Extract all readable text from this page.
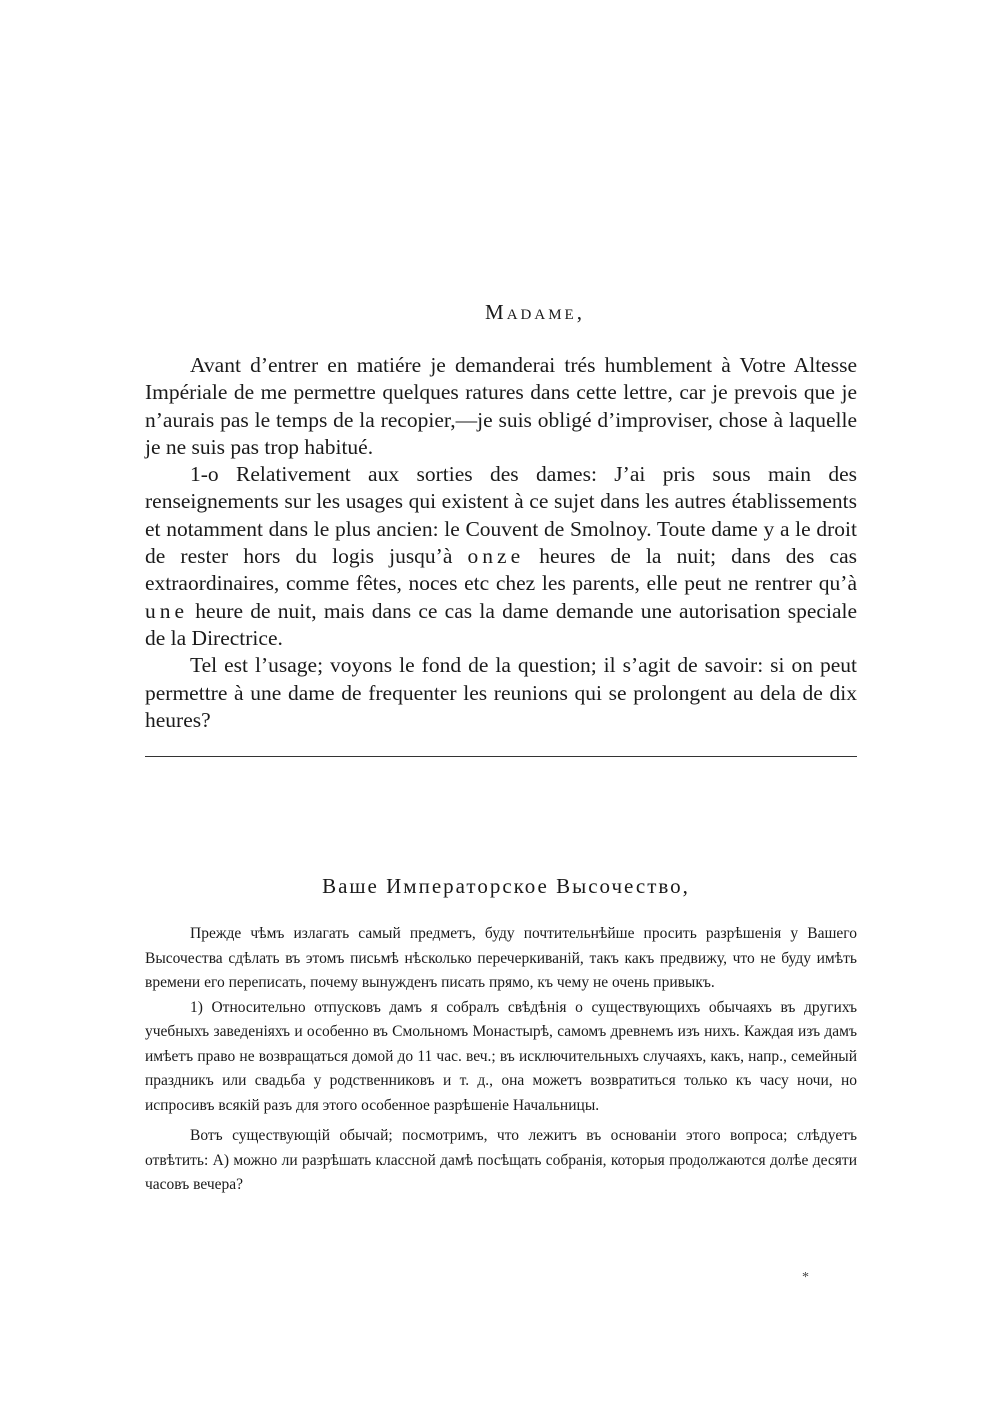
Madame,

Avant d’entrer en matiére je demanderai trés humblement à Votre Altesse Impériale de me permettre quelques ratures dans cette lettre, car je prevois que je n’aurais pas le temps de la recopier,—je suis obligé d’improviser, chose à laquelle je ne suis pas trop habitué.

1-o Relativement aux sorties des dames: J’ai pris sous main des renseignements sur les usages qui existent à ce sujet dans les autres établissements et notamment dans le plus ancien: le Couvent de Smolnoy. Toute dame y a le droit de rester hors du logis jusqu’à onze heures de la nuit; dans des cas extraordinaires, comme fêtes, noces etc chez les parents, elle peut ne rentrer qu’à une heure de nuit, mais dans ce cas la dame demande une autorisation speciale de la Directrice.

Tel est l’usage; voyons le fond de la question; il s’agit de savoir: si on peut permettre à une dame de frequenter les reunions qui se prolongent au dela de dix heures?

Ваше Императорское Высочество,

Прежде чѣмъ излагать самый предметъ, буду почтительнѣйше просить разрѣшенія у Вашего Высочества сдѣлать въ этомъ письмѣ нѣсколько перечеркиваній, такъ какъ предвижу, что не буду имѣть времени его переписать, почему вынужденъ писать прямо, къ чему не очень привыкъ.

1) Относительно отпусковъ дамъ я собралъ свѣдѣнія о существующихъ обычаяхъ въ другихъ учебныхъ заведеніяхъ и особенно въ Смольномъ Монастырѣ, самомъ древнемъ изъ нихъ. Каждая изъ дамъ имѣетъ право не возвращаться домой до 11 час. веч.; въ исключительныхъ случаяхъ, какъ, напр., семейный праздникъ или свадьба у родственниковъ и т. д., она можетъ возвратиться только къ часу ночи, но испросивъ всякій разъ для этого особенное разрѣшеніе Начальницы.

Вотъ существующій обычай; посмотримъ, что лежитъ въ основаніи этого вопроса; слѣдуетъ отвѣтить: А) можно ли разрѣшать классной дамѣ посѣщать собранія, которыя продолжаются долѣе десяти часовъ вечера?

*
